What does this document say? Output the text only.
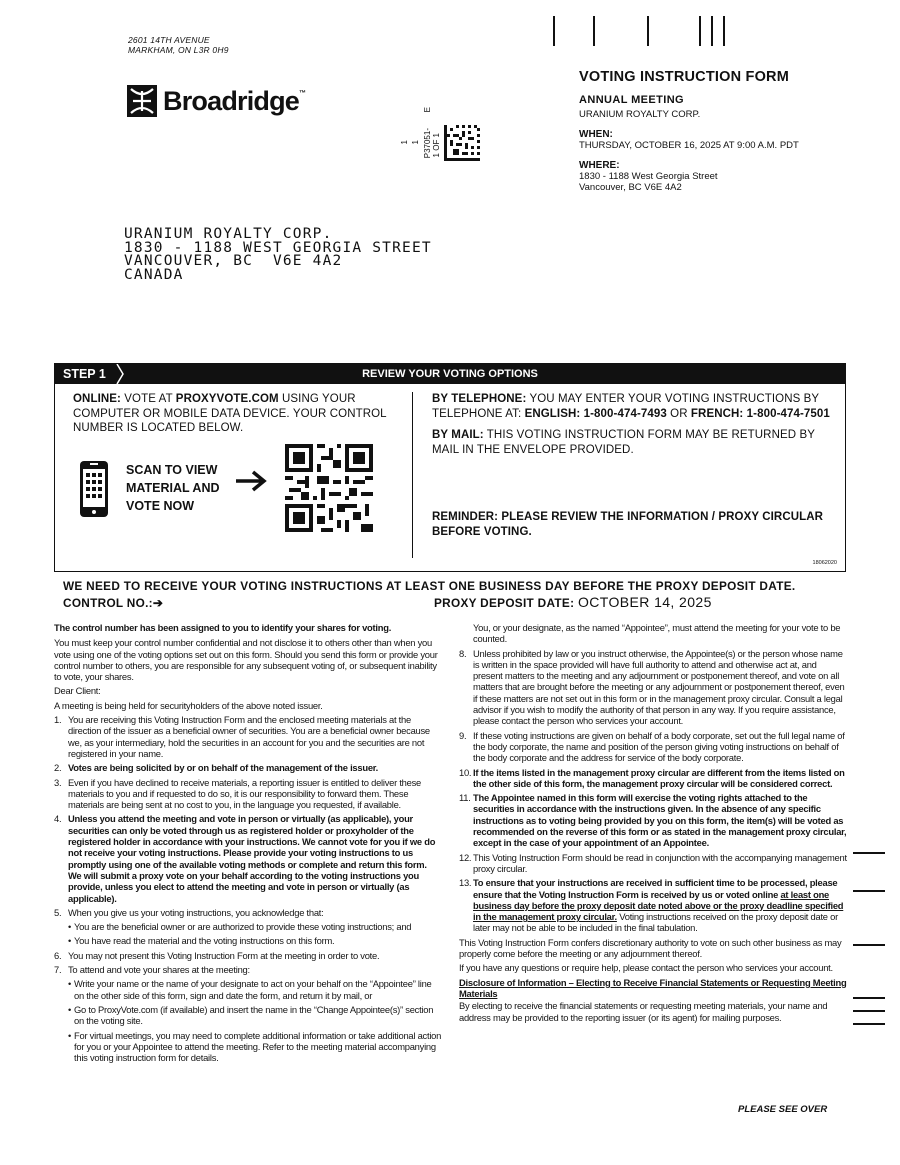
2601 14TH AVENUE
MARKHAM, ON L3R 0H9
Broadridge™
1 1 P37051- 1 OF 1
E
VOTING INSTRUCTION FORM
ANNUAL MEETING
URANIUM ROYALTY CORP.
WHEN:
THURSDAY, OCTOBER 16, 2025 AT 9:00 A.M. PDT
WHERE:
1830 - 1188 West Georgia Street
Vancouver, BC V6E 4A2
URANIUM ROYALTY CORP.
1830 - 1188 WEST GEORGIA STREET
VANCOUVER, BC  V6E 4A2
CANADA
REVIEW YOUR VOTING OPTIONS
STEP 1
ONLINE: VOTE AT PROXYVOTE.COM USING YOUR COMPUTER OR MOBILE DATA DEVICE. YOUR CONTROL NUMBER IS LOCATED BELOW.
SCAN TO VIEW
MATERIAL AND
VOTE NOW
BY TELEPHONE: YOU MAY ENTER YOUR VOTING INSTRUCTIONS BY TELEPHONE AT: ENGLISH: 1-800-474-7493 OR FRENCH: 1-800-474-7501
BY MAIL: THIS VOTING INSTRUCTION FORM MAY BE RETURNED BY MAIL IN THE ENVELOPE PROVIDED.
REMINDER: PLEASE REVIEW THE INFORMATION / PROXY CIRCULAR BEFORE VOTING.
18062020
WE NEED TO RECEIVE YOUR VOTING INSTRUCTIONS AT LEAST ONE BUSINESS DAY BEFORE THE PROXY DEPOSIT DATE.
CONTROL NO.:➔	PROXY DEPOSIT DATE: OCTOBER 14, 2025

The control number has been assigned to you to identify your shares for voting.

You must keep your control number confidential and not disclose it to others other than when you vote using one of the voting options set out on this form. Should you send this form or provide your control number to others, you are responsible for any subsequent voting of, or subsequent inability to vote, your shares.

Dear Client:

A meeting is being held for securityholders of the above noted issuer.

1. You are receiving this Voting Instruction Form and the enclosed meeting materials at the direction of the issuer as a beneficial owner of securities. You are a beneficial owner because we, as your intermediary, hold the securities in an account for you and the securities are not registered in your name.
2. Votes are being solicited by or on behalf of the management of the issuer.
3. Even if you have declined to receive materials, a reporting issuer is entitled to deliver these materials to you and if requested to do so, it is our responsibility to forward them. These materials are being sent at no cost to you, in the language you requested, if available.
4. Unless you attend the meeting and vote in person or virtually (as applicable), your securities can only be voted through us as registered holder or proxyholder of the registered holder in accordance with your instructions. We cannot vote for you if we do not receive your voting instructions. Please provide your voting instructions to us promptly using one of the available voting methods or complete and return this form. We will submit a proxy vote on your behalf according to the voting instructions you provide, unless you elect to attend the meeting and vote in person or virtually (as applicable).
5. When you give us your voting instructions, you acknowledge that:
• You are the beneficial owner or are authorized to provide these voting instructions; and
• You have read the material and the voting instructions on this form.
6. You may not present this Voting Instruction Form at the meeting in order to vote.
7. To attend and vote your shares at the meeting:
• Write your name or the name of your designate to act on your behalf on the “Appointee” line on the other side of this form, sign and date the form, and return it by mail, or
• Go to ProxyVote.com (if available) and insert the name in the “Change Appointee(s)” section on the voting site.
• For virtual meetings, you may need to complete additional information or take additional action for you or your Appointee to attend the meeting. Refer to the meeting material accompanying this voting instruction form for details.

You, or your designate, as the named “Appointee”, must attend the meeting for your vote to be counted.

8. Unless prohibited by law or you instruct otherwise, the Appointee(s) or the person whose name is written in the space provided will have full authority to attend and otherwise act at, and present matters to the meeting and any adjournment or postponement thereof, and vote on all matters that are brought before the meeting or any adjournment or postponement thereof, even if these matters are not set out in this form or in the management proxy circular. Consult a legal advisor if you wish to modify the authority of that person in any way. If you require assistance, please contact the person who services your account.
9. If these voting instructions are given on behalf of a body corporate, set out the full legal name of the body corporate, the name and position of the person giving voting instructions on behalf of the body corporate and the address for service of the body corporate.
10. If the items listed in the management proxy circular are different from the items listed on the other side of this form, the management proxy circular will be considered correct.
11. The Appointee named in this form will exercise the voting rights attached to the securities in accordance with the instructions given. In the absence of any specific instructions as to voting being provided by you on this form, the item(s) will be voted as recommended on the reverse of this form or as stated in the management proxy circular, except in the case of your appointment of an Appointee.
12. This Voting Instruction Form should be read in conjunction with the accompanying management proxy circular.
13. To ensure that your instructions are received in sufficient time to be processed, please ensure that the Voting Instruction Form is received by us or voted online at least one business day before the proxy deposit date noted above or the proxy deadline specified in the management proxy circular. Voting instructions received on the proxy deposit date or later may not be able to be included in the final tabulation.

This Voting Instruction Form confers discretionary authority to vote on such other business as may properly come before the meeting or any adjournment thereof.

If you have any questions or require help, please contact the person who services your account.

Disclosure of Information – Electing to Receive Financial Statements or Requesting Meeting Materials

By electing to receive the financial statements or requesting meeting materials, your name and address may be provided to the reporting issuer (or its agent) for mailing purposes.

PLEASE SEE OVER
